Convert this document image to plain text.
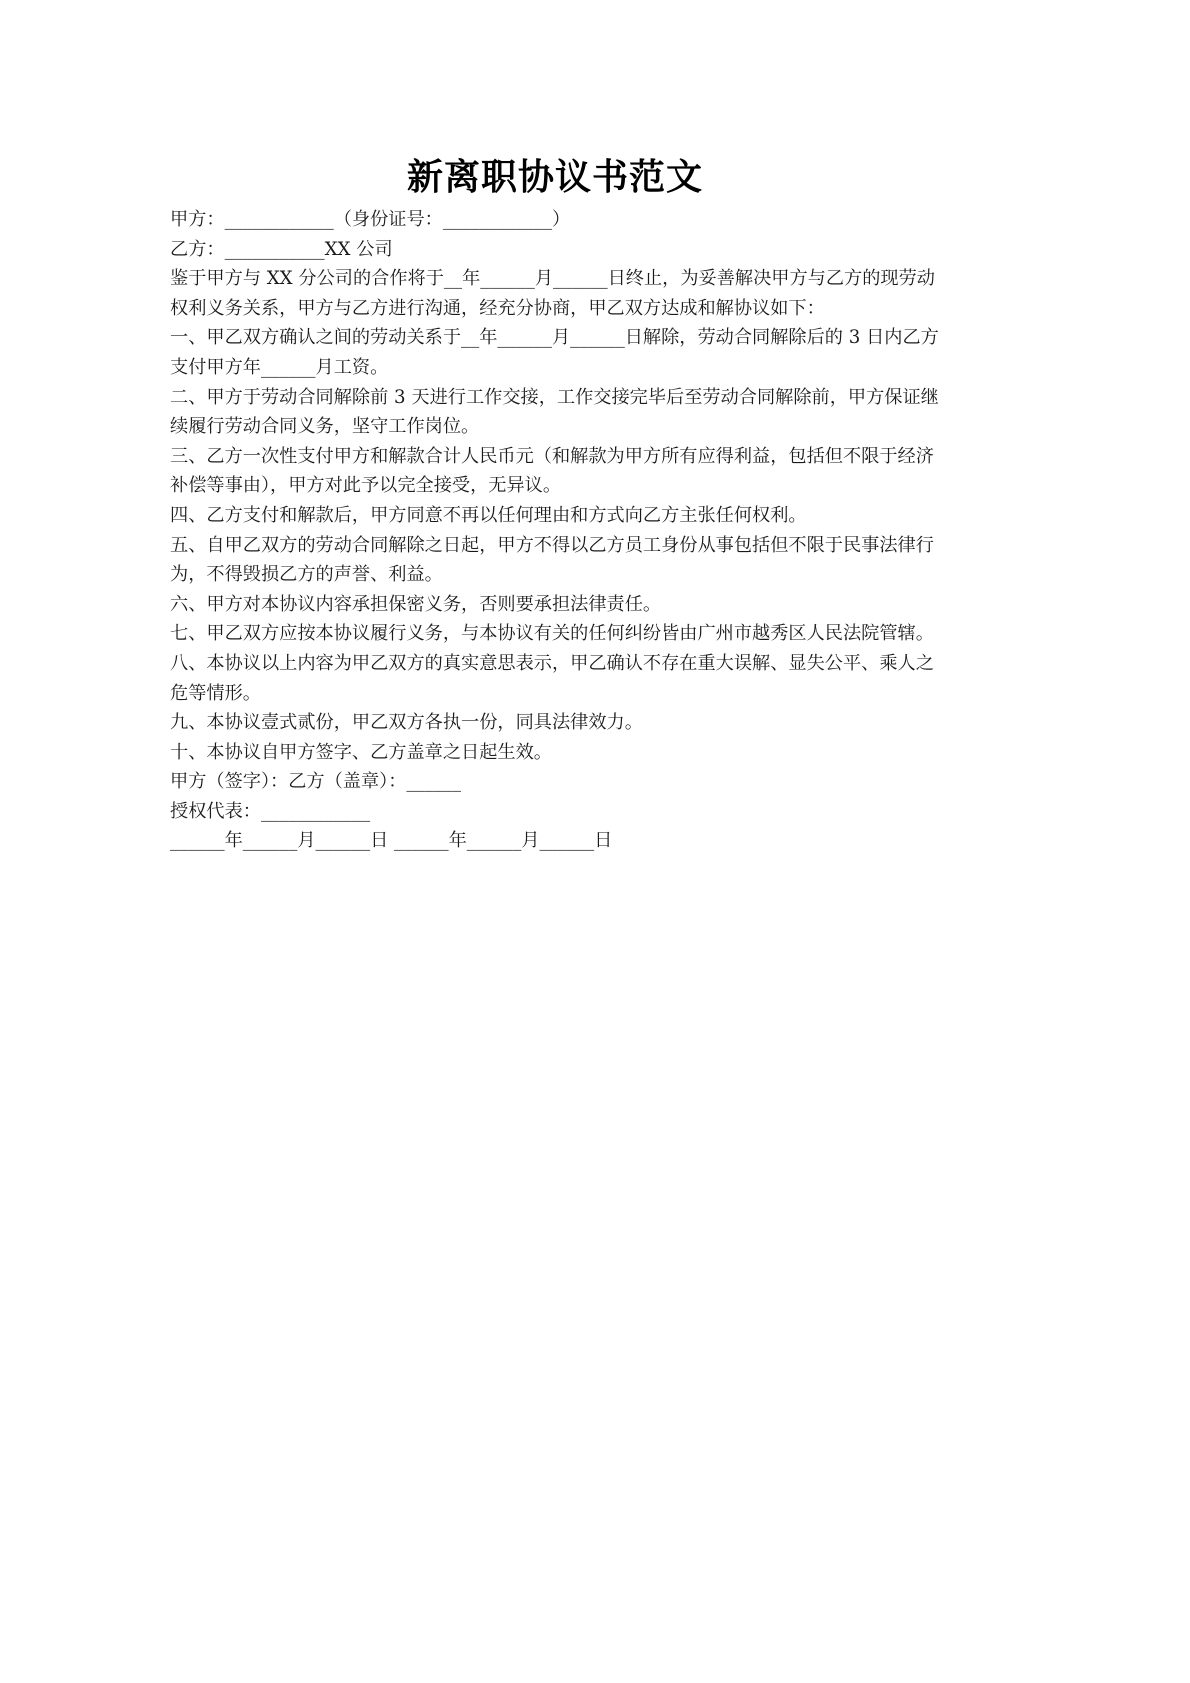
新离职协议书范文
甲方：____________（身份证号：____________）
乙方：___________XX 公司
鉴于甲方与 XX 分公司的合作将于__年______月______日终止，为妥善解决甲方与乙方的现劳动权利义务关系，甲方与乙方进行沟通，经充分协商，甲乙双方达成和解协议如下：
一、甲乙双方确认之间的劳动关系于__年______月______日解除，劳动合同解除后的 3 日内乙方支付甲方年______月工资。
二、甲方于劳动合同解除前 3 天进行工作交接，工作交接完毕后至劳动合同解除前，甲方保证继续履行劳动合同义务，坚守工作岗位。
三、乙方一次性支付甲方和解款合计人民币元（和解款为甲方所有应得利益，包括但不限于经济补偿等事由），甲方对此予以完全接受，无异议。
四、乙方支付和解款后，甲方同意不再以任何理由和方式向乙方主张任何权利。
五、自甲乙双方的劳动合同解除之日起，甲方不得以乙方员工身份从事包括但不限于民事法律行为，不得毁损乙方的声誉、利益。
六、甲方对本协议内容承担保密义务，否则要承担法律责任。
七、甲乙双方应按本协议履行义务，与本协议有关的任何纠纷皆由广州市越秀区人民法院管辖。
八、本协议以上内容为甲乙双方的真实意思表示，甲乙确认不存在重大误解、显失公平、乘人之危等情形。
九、本协议壹式贰份，甲乙双方各执一份，同具法律效力。
十、本协议自甲方签字、乙方盖章之日起生效。
甲方（签字）：乙方（盖章）：______
授权代表：____________
______年______月______日 ______年______月______日
